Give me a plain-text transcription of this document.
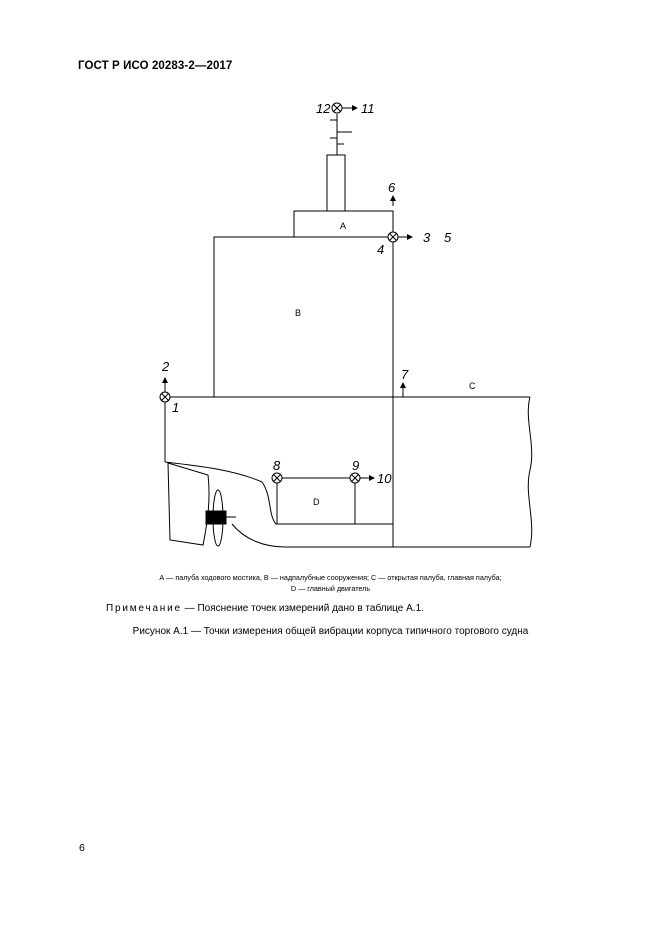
ГОСТ Р ИСО 20283-2—2017
12 11
6
3 5
4
2
1
7
8	9
10
A
B
C
D
А — палуба ходового мостика, В — надпалубные сооружения; С — открытая палуба, главная палуба;
D — главный двигатель
Примечание — Пояснение точек измерений дано в таблице А.1.
Рисунок А.1 — Точки измерения общей вибрации корпуса типичного торгового судна
6
